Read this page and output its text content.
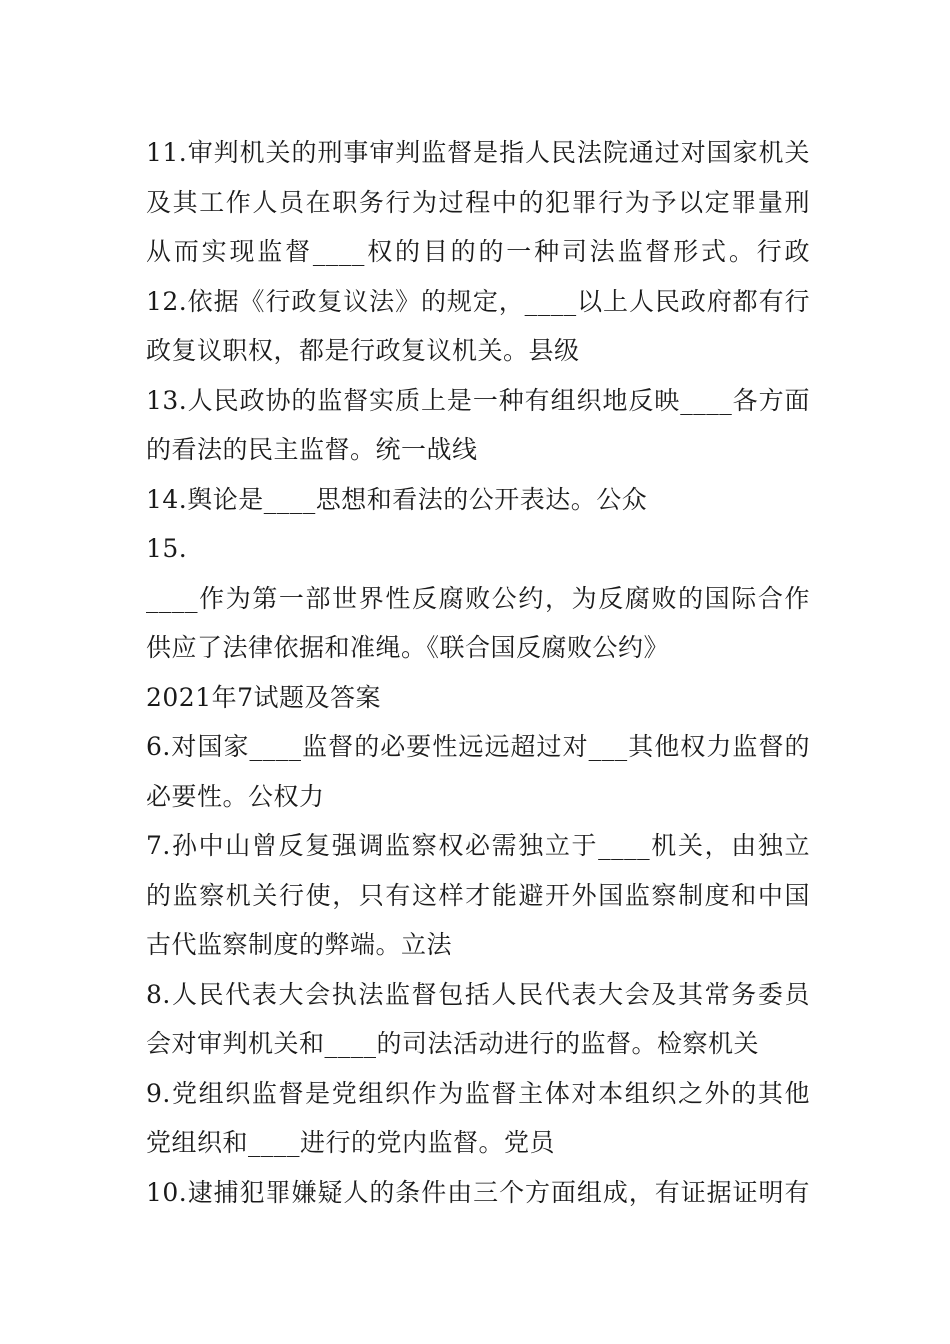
11.审判机关的刑事审判监督是指人民法院通过对国家机关
及其工作人员在职务行为过程中的犯罪行为予以定罪量刑
从而实现监督____权的目的的一种司法监督形式。行政
12.依据《行政复议法》的规定，____以上人民政府都有行
政复议职权，都是行政复议机关。县级
13.人民政协的监督实质上是一种有组织地反映____各方面
的看法的民主监督。统一战线
14.舆论是____思想和看法的公开表达。公众
15.
____作为第一部世界性反腐败公约，为反腐败的国际合作
供应了法律依据和准绳。《联合国反腐败公约》
2021年7试题及答案
6.对国家____监督的必要性远远超过对___其他权力监督的
必要性。公权力
7.孙中山曾反复强调监察权必需独立于____机关，由独立
的监察机关行使，只有这样才能避开外国监察制度和中国
古代监察制度的弊端。立法
8.人民代表大会执法监督包括人民代表大会及其常务委员
会对审判机关和____的司法活动进行的监督。检察机关
9.党组织监督是党组织作为监督主体对本组织之外的其他
党组织和____进行的党内监督。党员
10.逮捕犯罪嫌疑人的条件由三个方面组成，有证据证明有
